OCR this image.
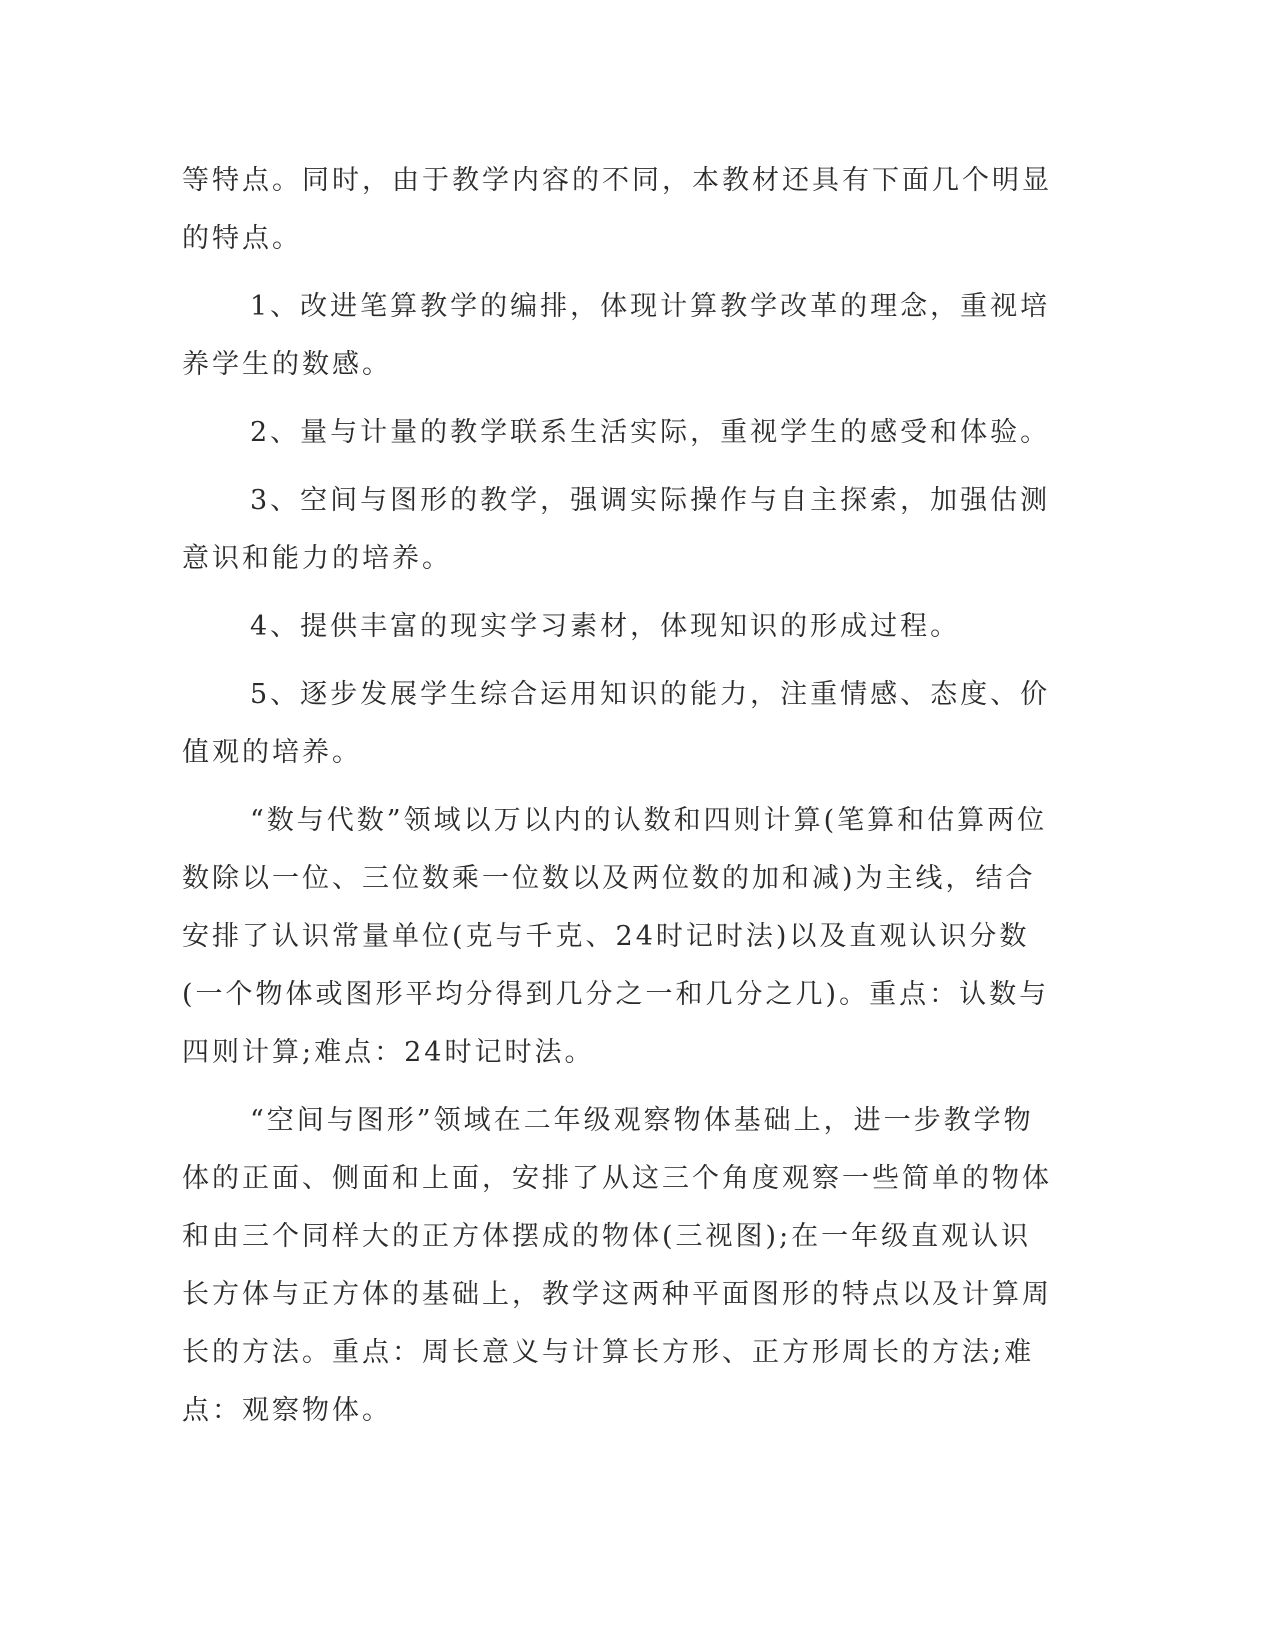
等特点。同时，由于教学内容的不同，本教材还具有下面几个明显的特点。

1、改进笔算教学的编排，体现计算教学改革的理念，重视培养学生的数感。

2、量与计量的教学联系生活实际，重视学生的感受和体验。

3、空间与图形的教学，强调实际操作与自主探索，加强估测意识和能力的培养。

4、提供丰富的现实学习素材，体现知识的形成过程。

5、逐步发展学生综合运用知识的能力，注重情感、态度、价值观的培养。

“数与代数”领域以万以内的认数和四则计算(笔算和估算两位数除以一位、三位数乘一位数以及两位数的加和减)为主线，结合安排了认识常量单位(克与千克、24时记时法)以及直观认识分数(一个物体或图形平均分得到几分之一和几分之几)。重点：认数与四则计算;难点：24时记时法。

“空间与图形”领域在二年级观察物体基础上，进一步教学物体的正面、侧面和上面，安排了从这三个角度观察一些简单的物体和由三个同样大的正方体摆成的物体(三视图);在一年级直观认识长方体与正方体的基础上，教学这两种平面图形的特点以及计算周长的方法。重点：周长意义与计算长方形、正方形周长的方法;难点：观察物体。
